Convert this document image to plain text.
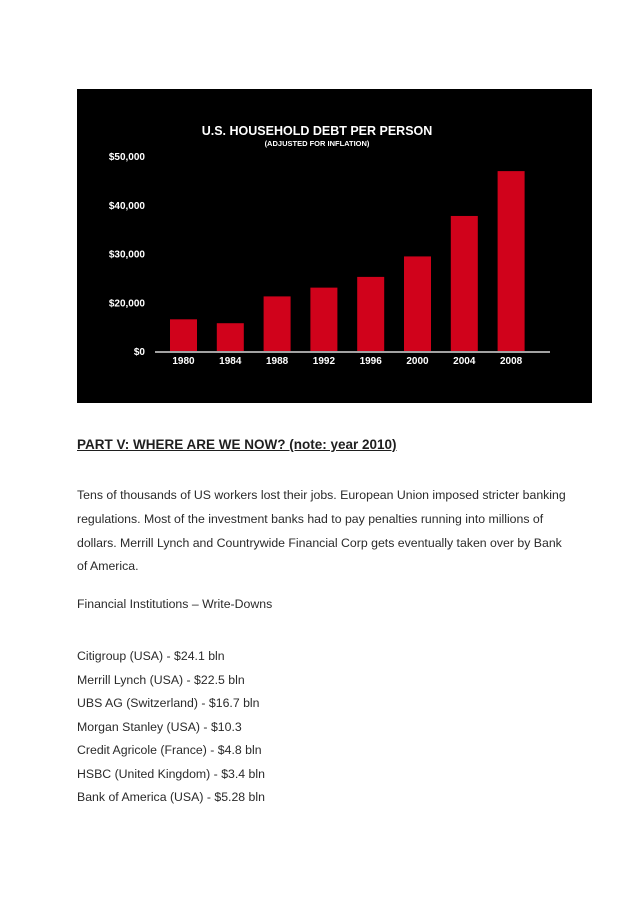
U.S. HOUSEHOLD DEBT PER PERSON
(ADJUSTED FOR INFLATION)
$0
$20,000
$30,000
$40,000
$50,000
1980 1984 1988 1992 1996 2000 2004 2008
PART V: WHERE ARE WE NOW? (note: year 2010)

Tens of thousands of US workers lost their jobs. European Union imposed stricter banking regulations. Most of the investment banks had to pay penalties running into millions of dollars. Merrill Lynch and Countrywide Financial Corp gets eventually taken over by Bank of America.

Financial Institutions – Write-Downs
Citigroup (USA) - $24.1 bln
Merrill Lynch (USA) - $22.5 bln
UBS AG (Switzerland) - $16.7 bln
Morgan Stanley (USA) - $10.3
Credit Agricole (France) - $4.8 bln
HSBC (United Kingdom) - $3.4 bln
Bank of America (USA) - $5.28 bln
